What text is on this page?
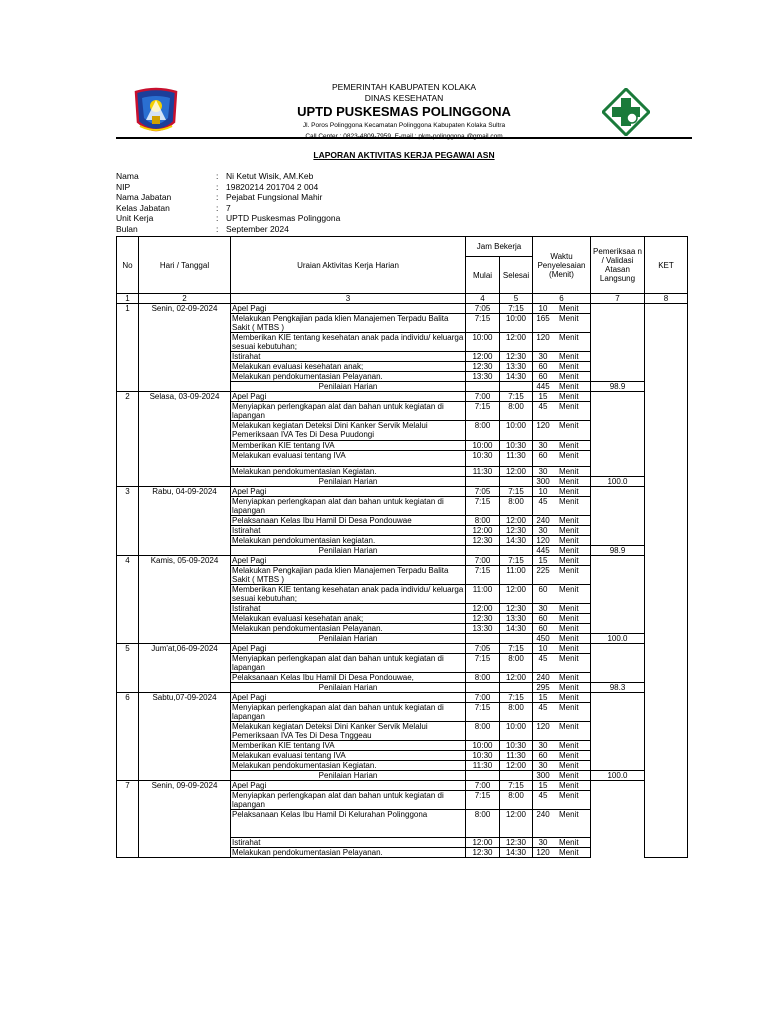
PEMERINTAH KABUPATEN KOLAKA
DINAS KESEHATAN
UPTD PUSKESMAS POLINGGONA
Jl. Poros Polinggona Kecamatan Polinggona Kabupaten Kolaka Sultra
Call Center : 0823-4809-7959, E-mail : pkm-polinggona @gmail.com
LAPORAN AKTIVITAS KERJA PEGAWAI ASN
Nama	: Ni Ketut Wisik, AM.Keb
NIP	: 19820214 201704 2 004
Nama Jabatan	: Pejabat Fungsional Mahir
Kelas Jabatan	: 7
Unit Kerja	: UPTD Puskesmas Polinggona
Bulan	: September 2024
No	Hari / Tanggal	Uraian Aktivitas Kerja Harian	Jam Bekerja		Waktu Penyelesaian (Menit)	Pemeriksaa n / Validasi Atasan Langsung	KET
			Mulai	Selesai			
1	2	3	4	5	6	7	8
1	Senin, 02-09-2024	Apel Pagi	7:05	7:15	10 Menit		

		Melakukan Pengkajian pada klien Manajemen Terpadu Balita Sakit ( MTBS )	7:15	10:00	165 Menit		

		Memberikan KIE tentang kesehatan anak pada individu/ keluarga sesuai kebutuhan;	10:00	12:00	120 Menit		

		Istirahat	12:00	12:30	30 Menit		

		Melakukan evaluasi kesehatan anak;	12:30	13:30	60 Menit		

		Melakukan pendokumentasian Pelayanan.	13:30	14:30	60 Menit		

		Penilaian Harian			445 Menit	98.9	
2	Selasa, 03-09-2024	Apel Pagi	7:00	7:15	15 Menit		

		Menyiapkan perlengkapan alat dan bahan untuk kegiatan di lapangan	7:15	8:00	45 Menit		

		Melakukan kegiatan Deteksi Dini Kanker Servik Melalui Pemeriksaan IVA Tes Di Desa Puudongi	8:00	10:00	120 Menit		

		Memberikan KIE tentang IVA	10:00	10:30	30 Menit		

		Melakukan evaluasi tentang IVA	10:30	11:30	60 Menit		

		Melakukan pendokumentasian Kegiatan.	11:30	12:00	30 Menit		

		Penilaian Harian			300 Menit	100.0	
3	Rabu, 04-09-2024	Apel Pagi	7:05	7:15	10 Menit		

		Menyiapkan perlengkapan alat dan bahan untuk kegiatan di lapangan	7:15	8:00	45 Menit		

		Pelaksanaan Kelas Ibu Hamil Di Desa Pondouwae	8:00	12:00	240 Menit		

		Istirahat	12:00	12:30	30 Menit		

		Melakukan pendokumentasian kegiatan.	12:30	14:30	120 Menit		

		Penilaian Harian			445 Menit	98.9	
4	Kamis, 05-09-2024	Apel Pagi	7:00	7:15	15 Menit		

		Melakukan Pengkajian pada klien Manajemen Terpadu Balita Sakit ( MTBS )	7:15	11:00	225 Menit		

		Memberikan KIE tentang kesehatan anak pada individu/ keluarga sesuai kebutuhan;	11:00	12:00	60 Menit		

		Istirahat	12:00	12:30	30 Menit		

		Melakukan evaluasi kesehatan anak;	12:30	13:30	60 Menit		

		Melakukan pendokumentasian Pelayanan.	13:30	14:30	60 Menit		

		Penilaian Harian			450 Menit	100.0	
5	Jum'at,06-09-2024	Apel Pagi	7:05	7:15	10 Menit		

		Menyiapkan perlengkapan alat dan bahan untuk kegiatan di lapangan	7:15	8:00	45 Menit		

		Pelaksanaan Kelas Ibu Hamil Di Desa Pondouwae,	8:00	12:00	240 Menit		

		Penilaian Harian			295 Menit	98.3	
6	Sabtu,07-09-2024	Apel Pagi	7:00	7:15	15 Menit		

		Menyiapkan perlengkapan alat dan bahan untuk kegiatan di lapangan	7:15	8:00	45 Menit		

		Melakukan kegiatan Deteksi Dini Kanker Servik Melalui Pemeriksaan IVA Tes Di Desa Tnggeau	8:00	10:00	120 Menit		

		Memberikan KIE tentang IVA	10:00	10:30	30 Menit		

		Melakukan evaluasi tentang IVA	10:30	11:30	60 Menit		

		Melakukan pendokumentasian Kegiatan.	11:30	12:00	30 Menit		

		Penilaian Harian			300 Menit	100.0	
7	Senin, 09-09-2024	Apel Pagi	7:00	7:15	15 Menit		

		Menyiapkan perlengkapan alat dan bahan untuk kegiatan di lapangan	7:15	8:00	45 Menit		

		Pelaksanaan Kelas Ibu Hamil Di Kelurahan Polinggona	8:00	12:00	240 Menit		

		Istirahat	12:00	12:30	30 Menit		

		Melakukan pendokumentasian Pelayanan.	12:30	14:30	120 Menit		
